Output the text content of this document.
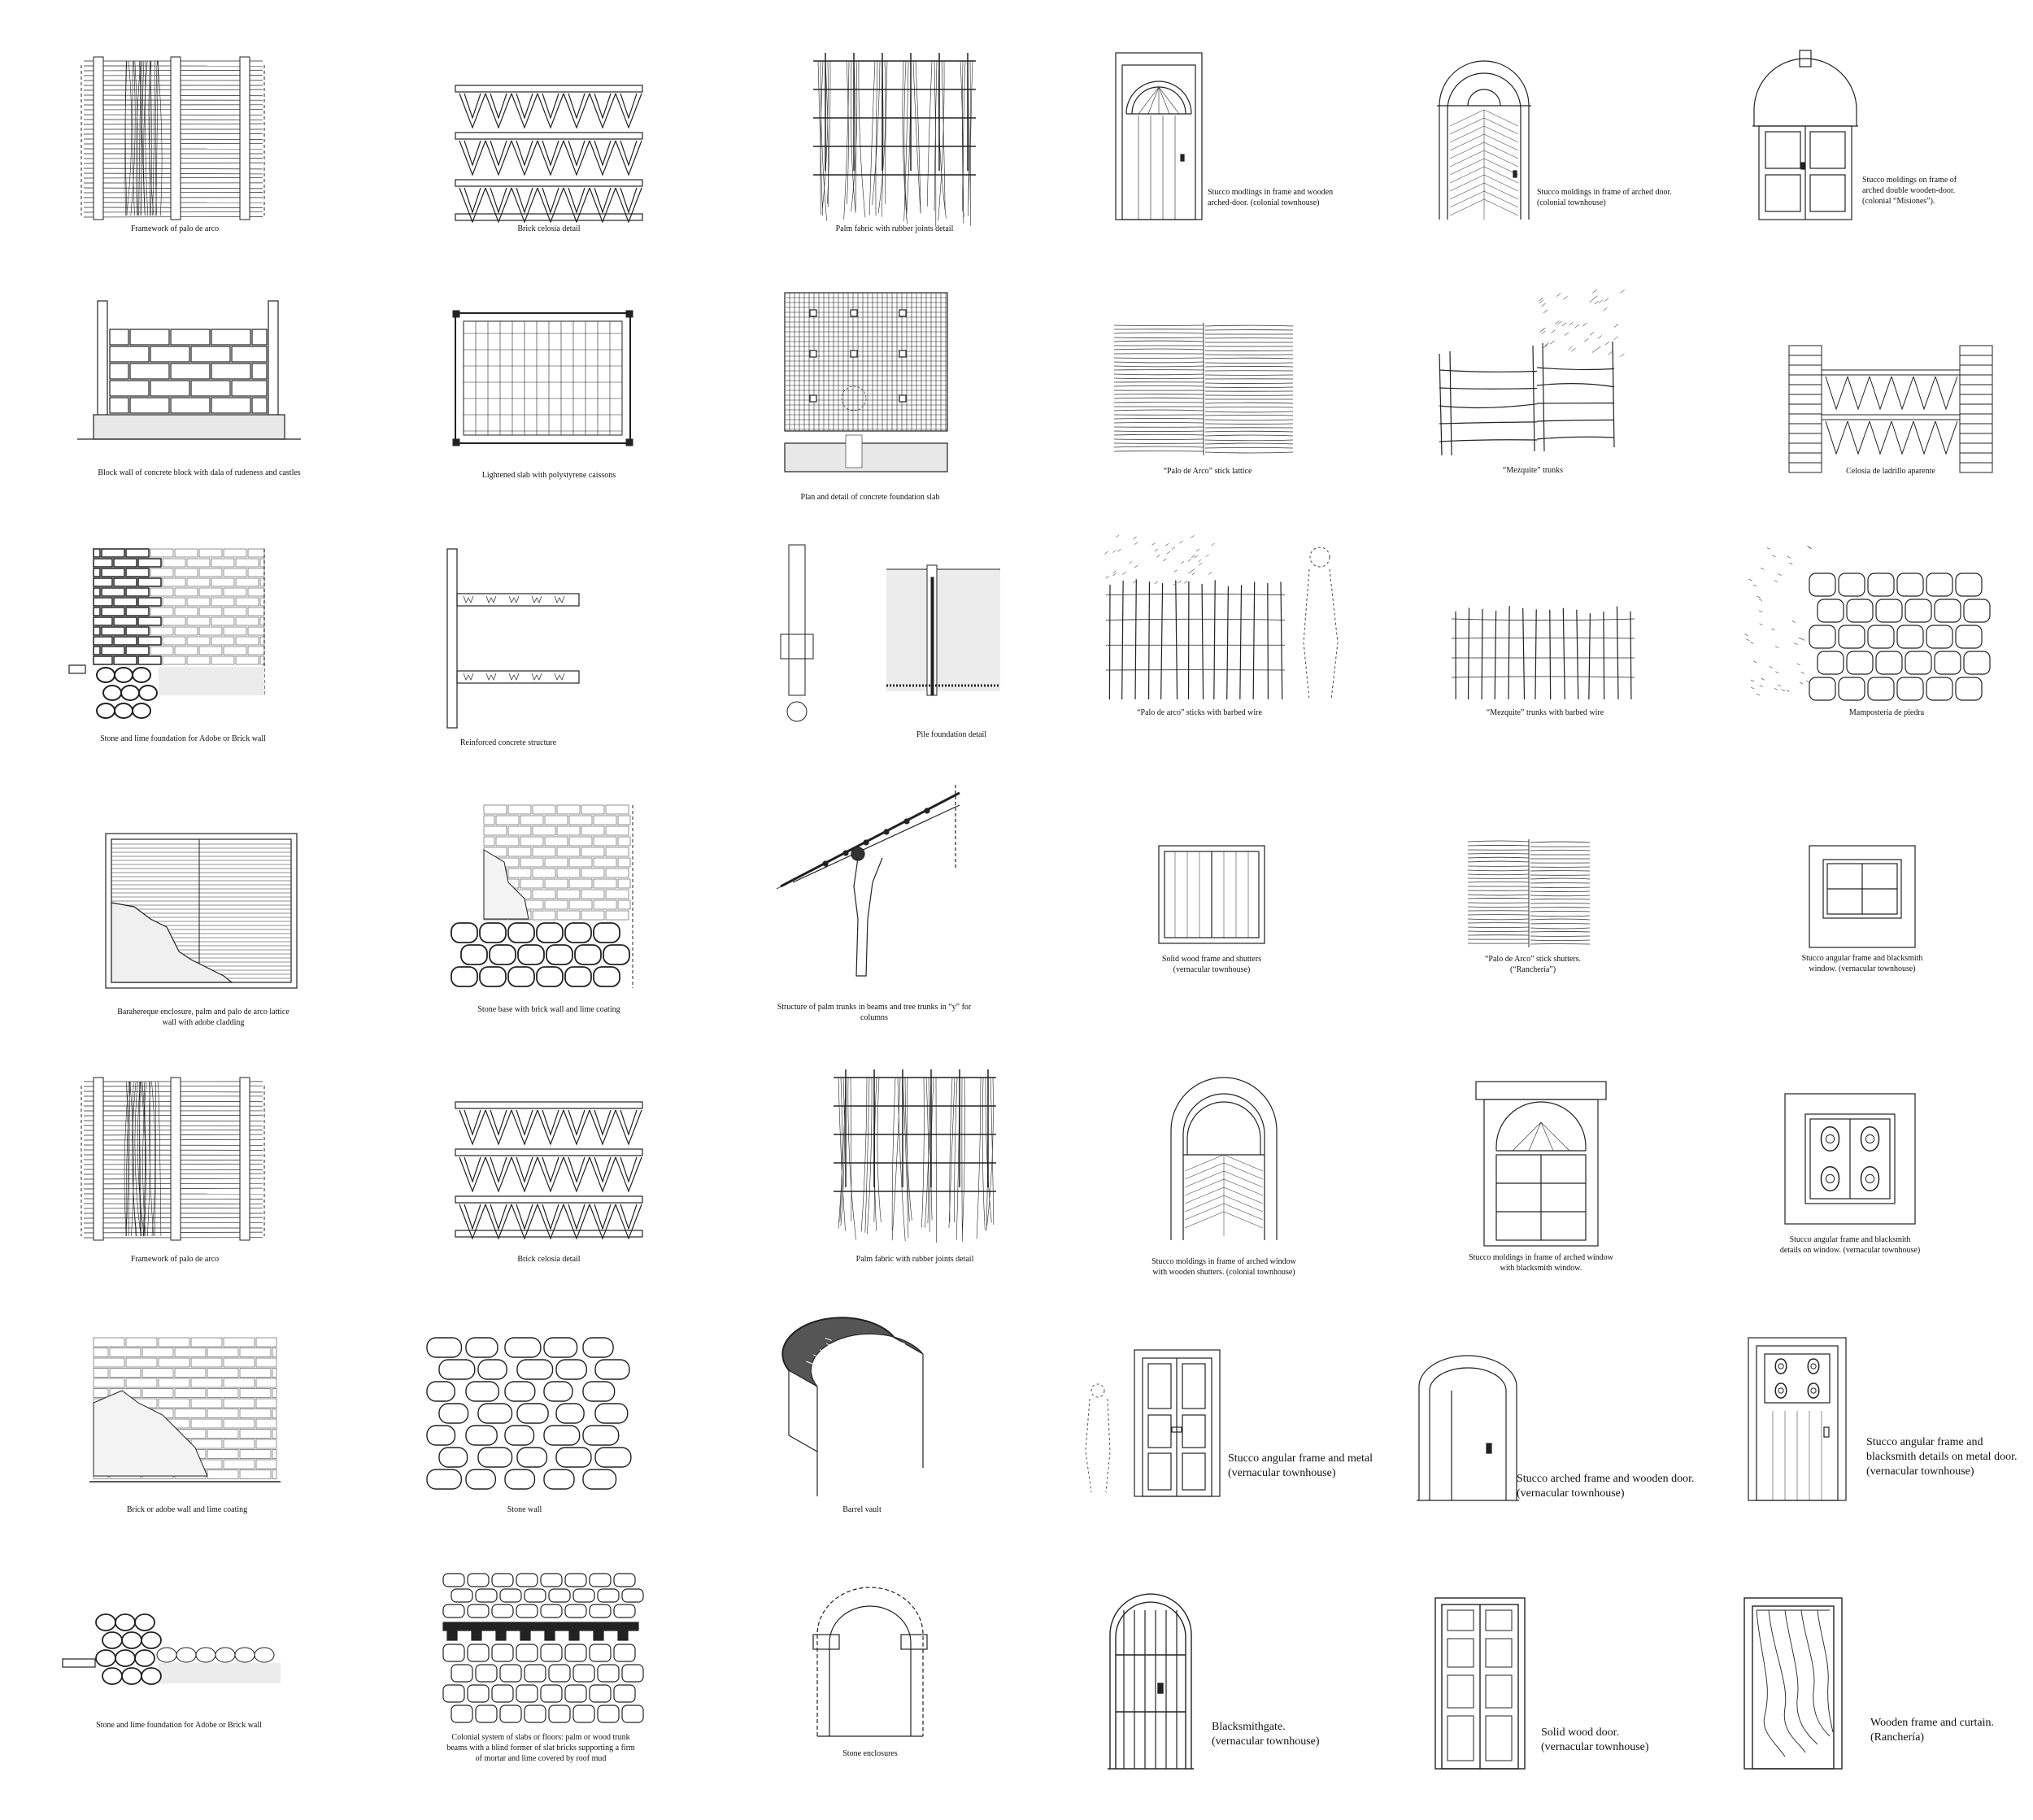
Framework of palo de arco	Brick celosia detail	Palm fabric with rubber joints detail
Stucco modlings in frame and wooden
arched-door. (colonial townhouse)
Stucco moldings in frame of arched door.
(colonial townhouse)
Stucco moldings on frame of
arched double wooden-door.
(colonial “Misiones”).
Block wall of concrete block with dala of rudeness and castles	Lightened slab with polystyrene caissons
Plan and detail of concrete foundation slab
“Palo de Arco” stick lattice	“Mezquite” trunks	Celosía de ladrillo aparente
Stone and lime foundation for Adobe or Brick wall	Reinforced concrete structure
Pile foundation detail
“Palo de arco” sticks with barbed wire	“Mezquite” trunks with barbed wire	Mampostería de piedra
Barahereque enclosure, palm and palo de arco lattice
wall with adobe cladding
Stone base with brick wall and lime coating	Structure of palm trunks in beams and tree trunks in “y” for
columns
Solid wood frame and shutters
(vernacular townhouse)
“Palo de Arco” stick shutters.
(“Ranchería”)
Stucco angular frame and blacksmith
window. (vernacular townhouse)
Framework of palo de arco	Brick celosia detail	Palm fabric with rubber joints detail	Stucco moldings in frame of arched window
with wooden shutters. (colonial townhouse)
Stucco moldings in frame of arched window
with blacksmith window.
Stucco angular frame and blacksmith
details on window. (vernacular townhouse)
Brick or adobe wall and lime coating	Stone wall	Barrel vault
Stucco angular frame and metal
(vernacular townhouse)	Stucco arched frame and wooden door.
(vernacular townhouse)
Stucco angular frame and
blacksmith details on metal door.
(vernacular townhouse)
Stone and lime foundation for Adobe or Brick wall
Colonial system of slabs or floors: palm or wood trunk
beams with a blind former of slat bricks supporting a firm
of mortar and lime covered by roof mud
Stone enclosures
Blacksmithgate.
(vernacular townhouse)
Solid wood door.
(vernacular townhouse)
Wooden frame and curtain.
(Ranchería)
